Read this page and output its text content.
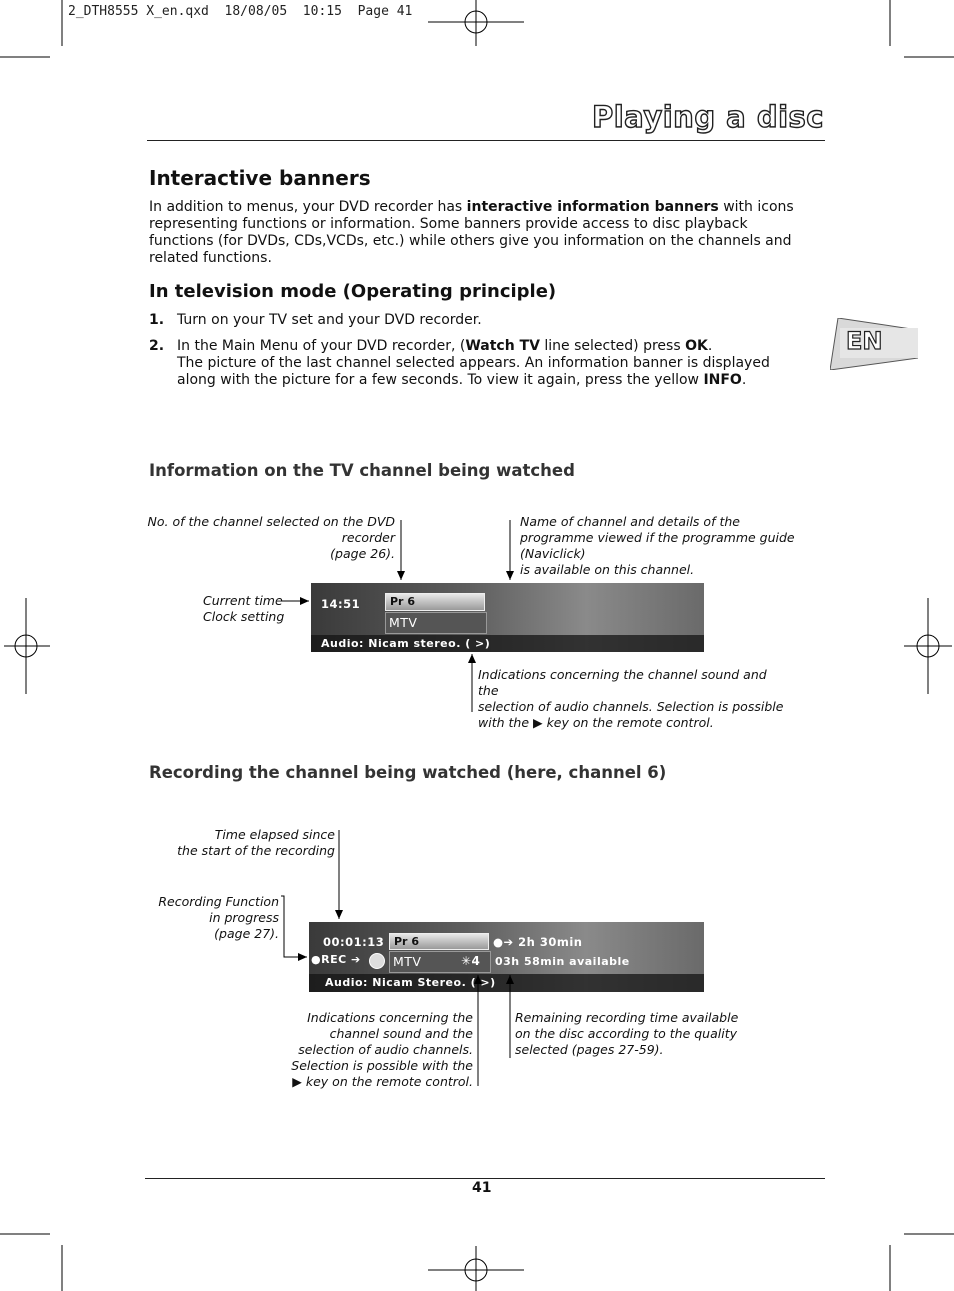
2_DTH8555 X_en.qxd  18/08/05  10:15  Page 41
Playing a disc
EN
Interactive banners
In addition to menus, your DVD recorder has interactive information banners with icons representing functions or information. Some banners provide access to disc playback functions (for DVDs, CDs,VCDs, etc.) while others give you information on the channels and related functions.
In television mode (Operating principle)
1. Turn on your TV set and your DVD recorder.
2. In the Main Menu of your DVD recorder, (Watch TV line selected) press OK.
The picture of the last channel selected appears. An information banner is displayed along with the picture for a few seconds. To view it again, press the yellow INFO.
Information on the TV channel being watched
No. of the channel selected on the DVD
recorder
(page 26).
Name of channel and details of the
programme viewed if the programme guide
(Naviclick)
is available on this channel.
Current time
Clock setting
14:51	Pr 6
MTV
Audio: Nicam stereo. ( >)
Indications concerning the channel sound and the
selection of audio channels. Selection is possible
with the ▶ key on the remote control.
Recording the channel being watched (here, channel 6)
Time elapsed since
the start of the recording
Recording Function
in progress
(page 27).
00:01:13 Pr 6	●➔ 2h 30min
●REC ➔	MTV	✳4 03h 58min available
Audio: Nicam Stereo. ( >)
Indications concerning the
channel sound and the
selection of audio channels.
Selection is possible with the
▶ key on the remote control.
Remaining recording time available
on the disc according to the quality
selected (pages 27-59).
41
